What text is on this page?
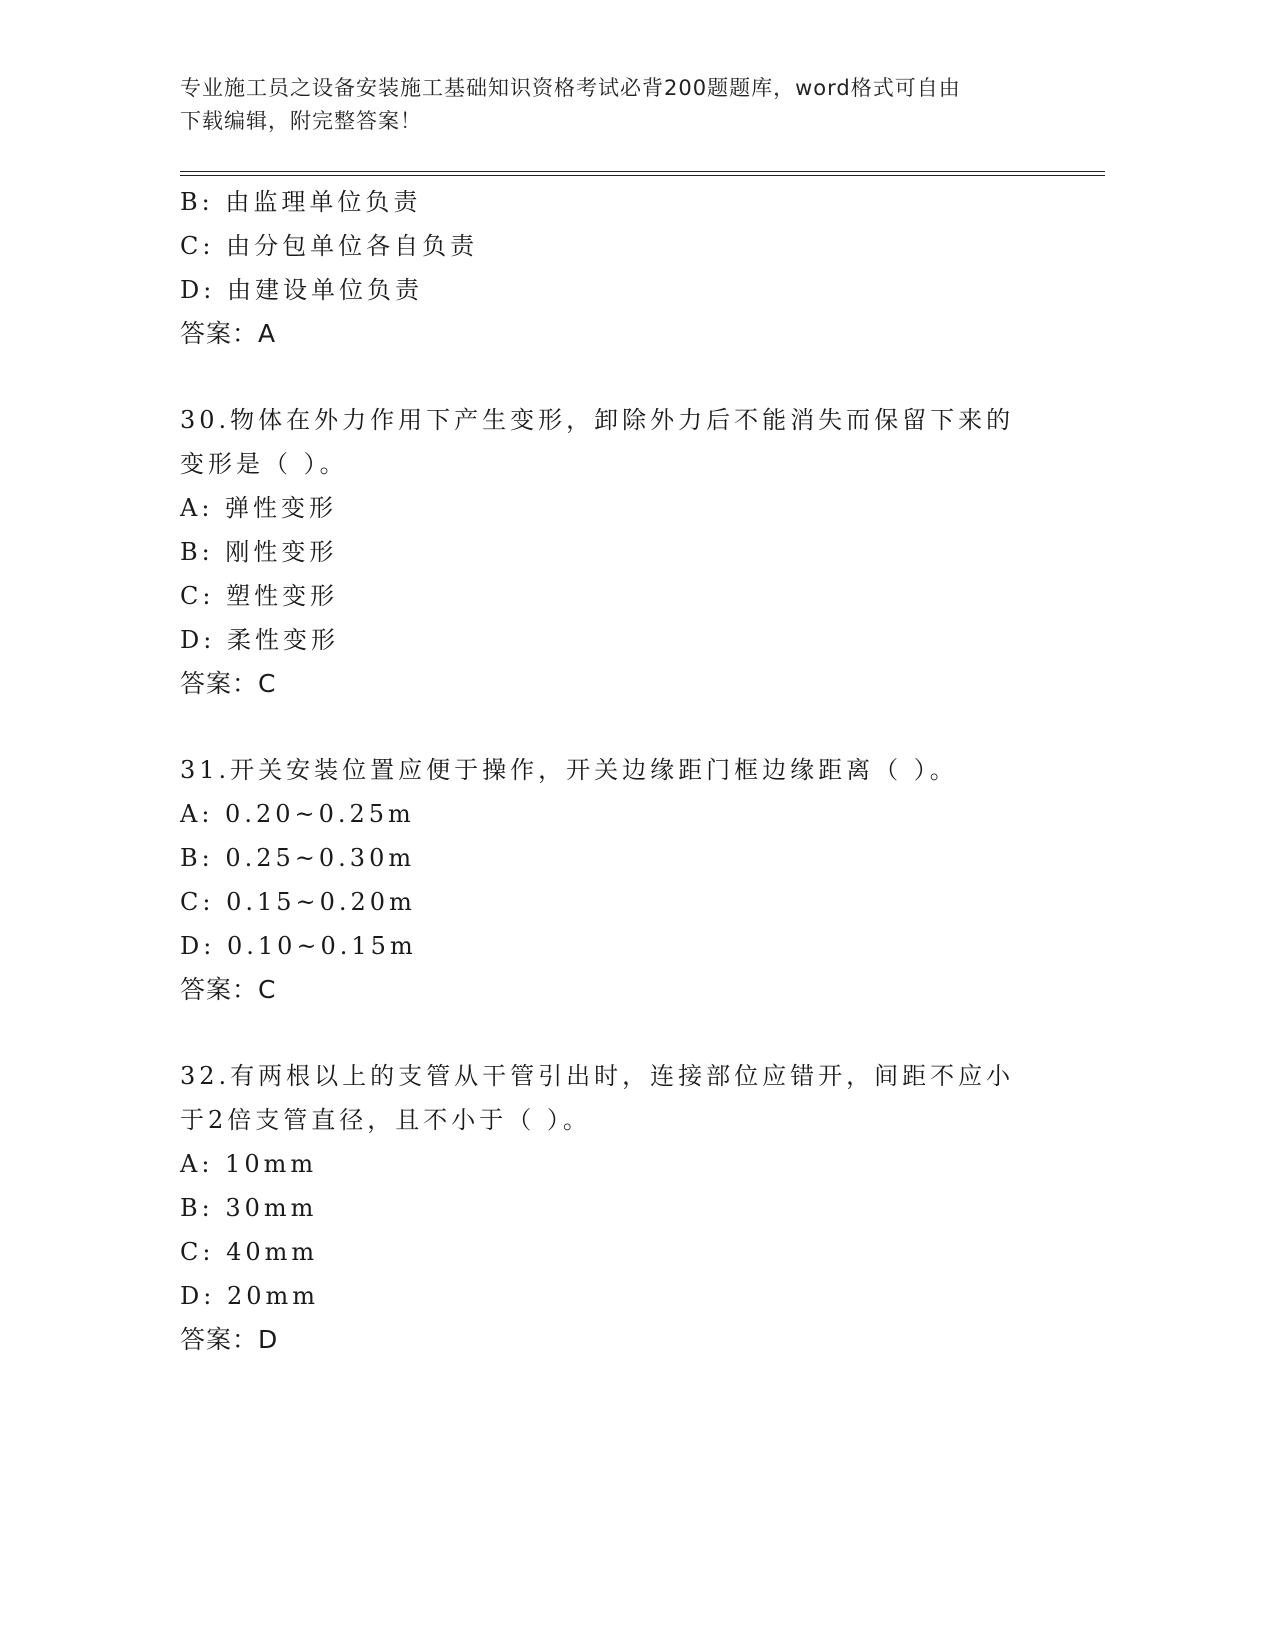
专业施工员之设备安装施工基础知识资格考试必背200题题库，word格式可自由
下载编辑，附完整答案！
B: 由监理单位负责
C: 由分包单位各自负责
D: 由建设单位负责
答案：A
30.物体在外力作用下产生变形，卸除外力后不能消失而保留下来的变形是（ ）。
A: 弹性变形
B: 刚性变形
C: 塑性变形
D: 柔性变形
答案：C
31.开关安装位置应便于操作，开关边缘距门框边缘距离（ ）。
A: 0.20~0.25m
B: 0.25~0.30m
C: 0.15~0.20m
D: 0.10~0.15m
答案：C
32.有两根以上的支管从干管引出时，连接部位应错开，间距不应小于2倍支管直径，且不小于（ ）。
A: 10mm
B: 30mm
C: 40mm
D: 20mm
答案：D
